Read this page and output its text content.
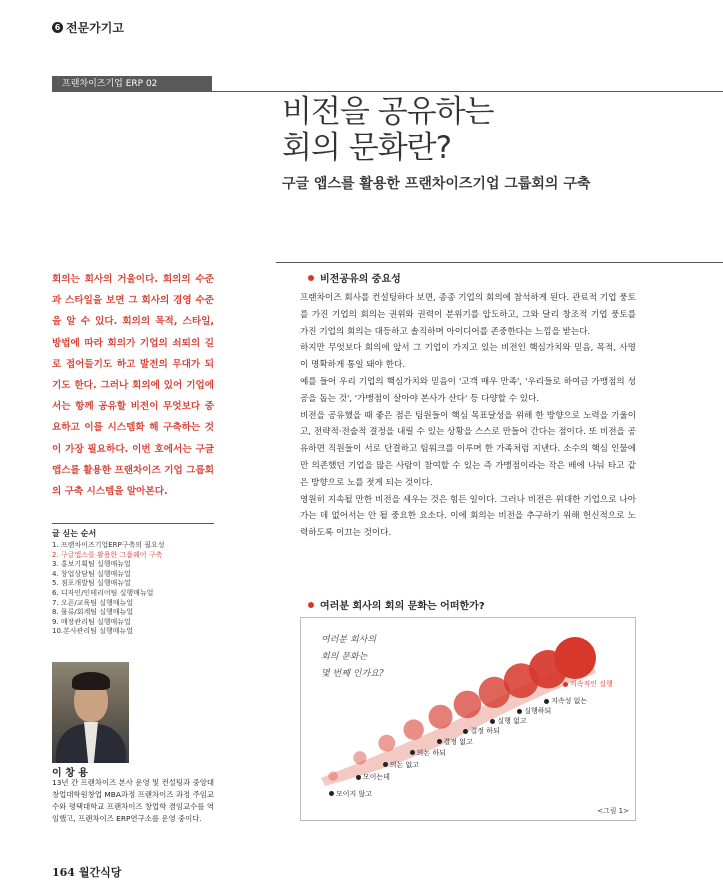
6 전문가기고
프랜차이즈기업 ERP 02
비전을 공유하는
회의 문화란?
구글 앱스를 활용한 프랜차이즈기업 그룹회의 구축
회의는 회사의 거울이다. 회의의 수준과 스타일을 보면 그 회사의 경영 수준을 알 수 있다. 회의의 목적, 스타일, 방법에 따라 회의가 기업의 쇠퇴의 길로 접어들기도 하고 발전의 무대가 되기도 한다. 그러나 회의에 있어 기업에서는 항께 공유할 비전이 무엇보다 중요하고 이를 시스템화 해 구축하는 것이 가장 필요하다. 이번 호에서는 구글 앱스를 활용한 프랜차이즈 기업 그룹회의 구축 시스템을 알아본다.
글 싣는 순서
1. 프랜차이즈기업ERP구축의 필요성
2. 구글앱스를 활용한 그룹웨어 구축
3. 홍보기획팀 실행매뉴얼
4. 창업상담팀 실행매뉴얼
5. 점포개발팀 실행매뉴얼
6. 디자인/인테리어팀 실행매뉴얼
7. 오픈/교육팀 실행매뉴얼
8. 물류/회계팀 실행매뉴얼
9. 매장관리팀 실행매뉴얼
10.본사관리팀 실행매뉴얼
이 창 용
13년 간 프랜차이즈 본사 운영 및 컨설팅과 중앙대창업대학원창업 MBA과정 프랜차이즈 과정 주임교수와 평택대학교 프랜차이즈 창업학 겸임교수를 역임했고, 프랜차이즈 ERP연구소를 운영 중이다.
비전공유의 중요성

프랜차이즈 회사를 컨설팅하다 보면, 종종 기업의 회의에 참석하게 된다. 관료적 기업 풍토를 가진 기업의 회의는 권위와 권력이 분위기를 압도하고, 그와 달리 창조적 기업 풍토를 가진 기업의 회의는 대등하고 솔직하며 아이디어를 존중한다는 느낌을 받는다.

하지만 무엇보다 회의에 앞서 그 기업이 가지고 있는 비전인 핵심가치와 믿음, 목적, 사명이 명확하게 통일 돼야 한다.

예를 들어 우리 기업의 핵심가치와 믿음이 '고객 매우 만족', '우리들로 하여금 가맹점의 성공을 돕는 것', '가맹점이 살아야 본사가 산다' 등 다양할 수 있다.

비전을 공유했을 때 좋은 점은 팀원들이 핵심 목표달성을 위해 한 방향으로 노력을 기울이고, 전략적·전술적 결정을 내릴 수 있는 상황을 스스로 만들어 간다는 점이다. 또 비전을 공유하면 직원들이 서로 단결하고 팀워크를 이루며 한 가족처럼 지낸다. 소수의 핵심 인물에만 의존했던 기업을 많은 사람이 참여할 수 있는 즉 가맹점이라는 작은 배에 나눠 타고 같은 방향으로 노를 젓게 되는 것이다.

영원히 지속될 만한 비전을 세우는 것은 힘든 일이다. 그러나 비전은 위대한 기업으로 나아가는 데 없어서는 안 될 중요한 요소다. 이에 회의는 비전을 추구하기 위해 헌신적으로 노력하도록 이끄는 것이다.

여러분 회사의 회의 문화는 어떠한가?
여러분 회사의
회의 문화는
몇 번째 인가요?
모이지 않고
모이는데
의논 없고
의논 하되
결정 없고
결정 하되
실행 없고
실행하되
지속성 없는
지속적인 실행
<그림 1>
164 월간식당
